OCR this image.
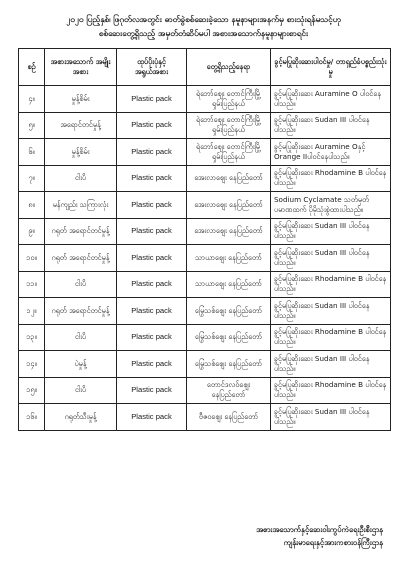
၂၀၂၀ ပြည့်နှစ်၊ ဖြဂုတ်လအတွင်း ဓာတ်ခွဲစစ်ဆေးခဲ့သော နမူနာများအနက်မှ စားသုံးရန်မသင့်ဟု
စစ်ဆေးတွေ့ရှိသည့် အမှတ်တံဆိပ်မပါ အစားအသောက်နမူနာများစာရင်း
စဉ်	အစားအသောက် အမျိုးအစား	ထုပ်ပိုးပုံနှင့် အရွယ်အစား	တွေ့ရှိသည့်နေရာ	ခွင့်မပြုဆိုးဆေးပါဝင်မှု/ တာရှည်ခံပစ္စည်းသုံးမှု
၄။	မှုန့်စိမ်း	Plastic pack	ရဲဘော်ဈေး တောင်ကြီးမြို့ ရှမ်းပြည်နယ်	ခွင့်မပြုဆိုးဆေး Auramine O ပါဝင်နေပါသည်။
၅။	အရောင်တင်မှုန့်	Plastic pack	ရဲဘော်ဈေး တောင်ကြီးမြို့ ရှမ်းပြည်နယ်	ခွင့်မပြုဆိုးဆေး Sudan III ပါဝင်နေပါသည်။
၆။	မှုန့်စိမ်း	Plastic pack	ရဲဘော်ဈေး တောင်ကြီးမြို့ ရှမ်းပြည်နယ်	ခွင့်မပြုဆိုးဆေး Auramine Oနှင့် Orange IIပါဝင်နေပါသည်။
၇။	ငါးပိ	Plastic pack	အေးလာဈေး နေပြည်တော်	ခွင့်မပြုဆိုးဆေး Rhodamine B ပါဝင်နေပါသည်။
၈။	မန်ကျည်း သကြားလုံး	Plastic pack	အေးလာဈေး နေပြည်တော်	Sodium Cyclamate သတ်မှတ် ပမာဏထက် ပိုမိုသုံးစွဲထားပါသည်။
၉။	ဂရုတ် အရောင်တင်မှုန့်	Plastic pack	အေးလာဈေး နေပြည်တော်	ခွင့်မပြုဆိုးဆေး Sudan III ပါဝင်နေပါသည်။
၁၀။	ဂရုတ် အရောင်တင်မှုန့်	Plastic pack	သာယာဈေး နေပြည်တော်	ခွင့်မပြုဆိုးဆေး Sudan III ပါဝင်နေပါသည်။
၁၁။	ငါးပိ	Plastic pack	သာယာဈေး နေပြည်တော်	ခွင့်မပြုဆိုးဆေး Rhodamine B ပါဝင်နေပါသည်။
၁၂။	ဂရုတ် အရောင်တင်မှုန့်	Plastic pack	မြွေသစ်ဈေး နေပြည်တော်	ခွင့်မပြုဆိုးဆေး Sudan III ပါဝင်နေပါသည်။
၁၃။	ငါးပိ	Plastic pack	မြွေသစ်ဈေး နေပြည်တော်	ခွင့်မပြုဆိုးဆေး Rhodamine B ပါဝင်နေပါသည်။
၁၄။	ပဲမှုန့်	Plastic pack	မြွေသစ်ဈေး နေပြည်တော်	ခွင့်မပြုဆိုးဆေး Sudan III ပါဝင်နေပါသည်။
၁၅။	ငါးပိ	Plastic pack	တောင်ဒလဝ်ဈေး နေပြည်တော်	ခွင့်မပြုဆိုးဆေး Rhodamine B ပါဝင်နေပါသည်။
၁၆။	ဂရုတ်သီးမှုန့်	Plastic pack	ဗီဇဝဈေး နေပြည်တော်	ခွင့်မပြုဆိုးဆေး Sudan III ပါဝင်နေပါသည်။
အစားအသောက်နှင့်ဆေးဝါးကွပ်ကဲရေးဦးစီးဌာန
ကျန်းမာရေးနှင့်အားကစားဝန်ကြီးဌာန
